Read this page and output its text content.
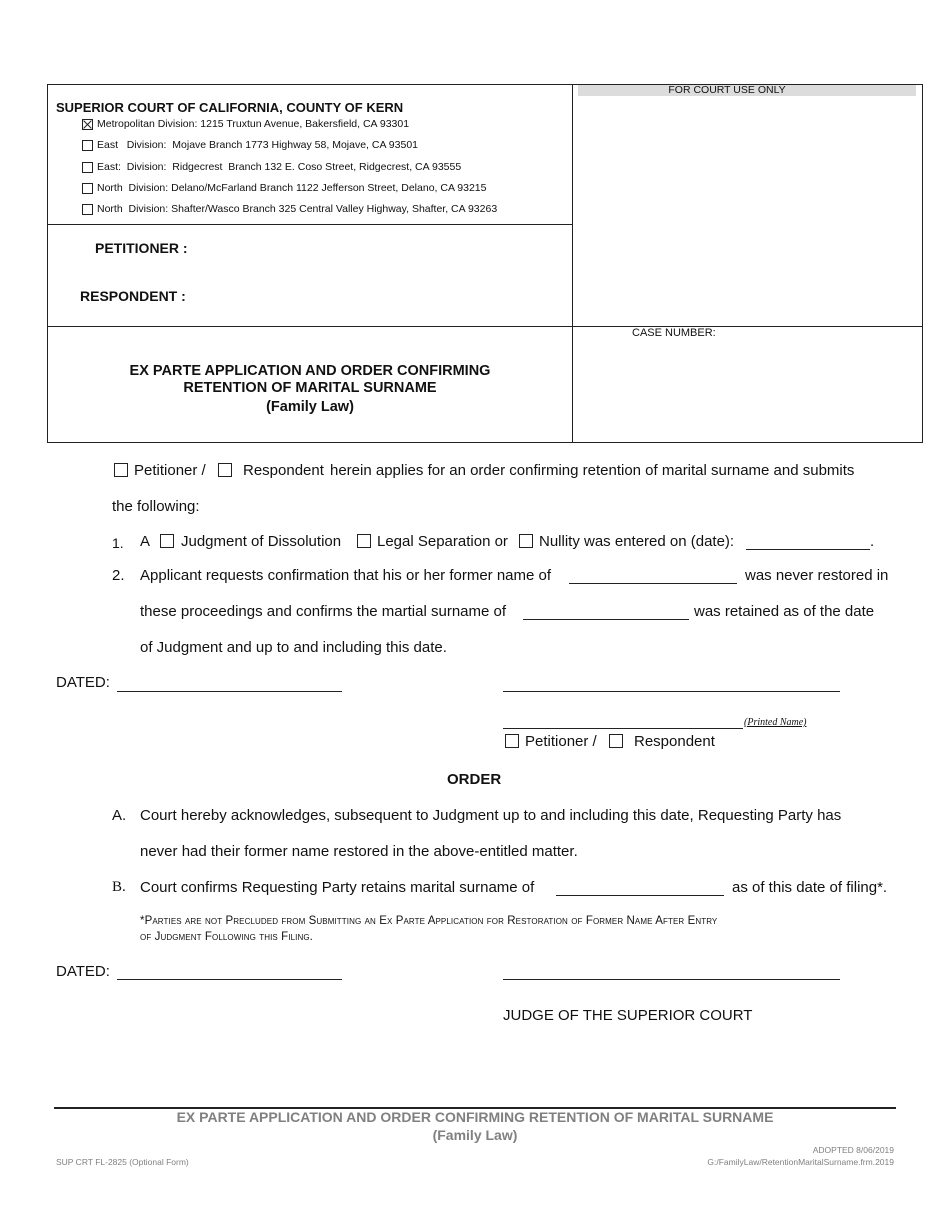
FOR COURT USE ONLY
SUPERIOR COURT OF CALIFORNIA, COUNTY OF KERN
Metropolitan Division: 1215 Truxtun Avenue, Bakersfield, CA 93301
East   Division:  Mojave Branch 1773 Highway 58, Mojave, CA 93501
East:  Division:  Ridgecrest  Branch 132 E. Coso Street, Ridgecrest, CA 93555
North  Division: Delano/McFarland Branch 1122 Jefferson Street, Delano, CA 93215
North  Division: Shafter/Wasco Branch 325 Central Valley Highway, Shafter, CA 93263
PETITIONER :
RESPONDENT :
CASE NUMBER:
EX PARTE APPLICATION AND ORDER CONFIRMING
RETENTION OF MARITAL SURNAME
(Family Law)
Petitioner / Respondent herein applies for an order confirming retention of marital surname and submits
the following:
1. A Judgment of Dissolution Legal Separation or Nullity was entered on (date):	.
2. Applicant requests confirmation that his or her former name of	was never restored in
these proceedings and confirms the martial surname of	was retained as of the date
of Judgment and up to and including this date.
DATED:
(Printed Name)
Petitioner / Respondent
ORDER
A. Court hereby acknowledges, subsequent to Judgment up to and including this date, Requesting Party has
never had their former name restored in the above-entitled matter.
B. Court confirms Requesting Party retains marital surname of	as of this date of filing*.
*Parties are not Precluded from Submitting an Ex Parte Application for Restoration of Former Name After Entry
of Judgment Following this Filing.
DATED:
JUDGE OF THE SUPERIOR COURT
EX PARTE APPLICATION AND ORDER CONFIRMING RETENTION OF MARITAL SURNAME
(Family Law)
ADOPTED 8/06/2019
SUP CRT FL-2825 (Optional Form)	G:/FamilyLaw/RetentionMaritalSurname.frm.2019
